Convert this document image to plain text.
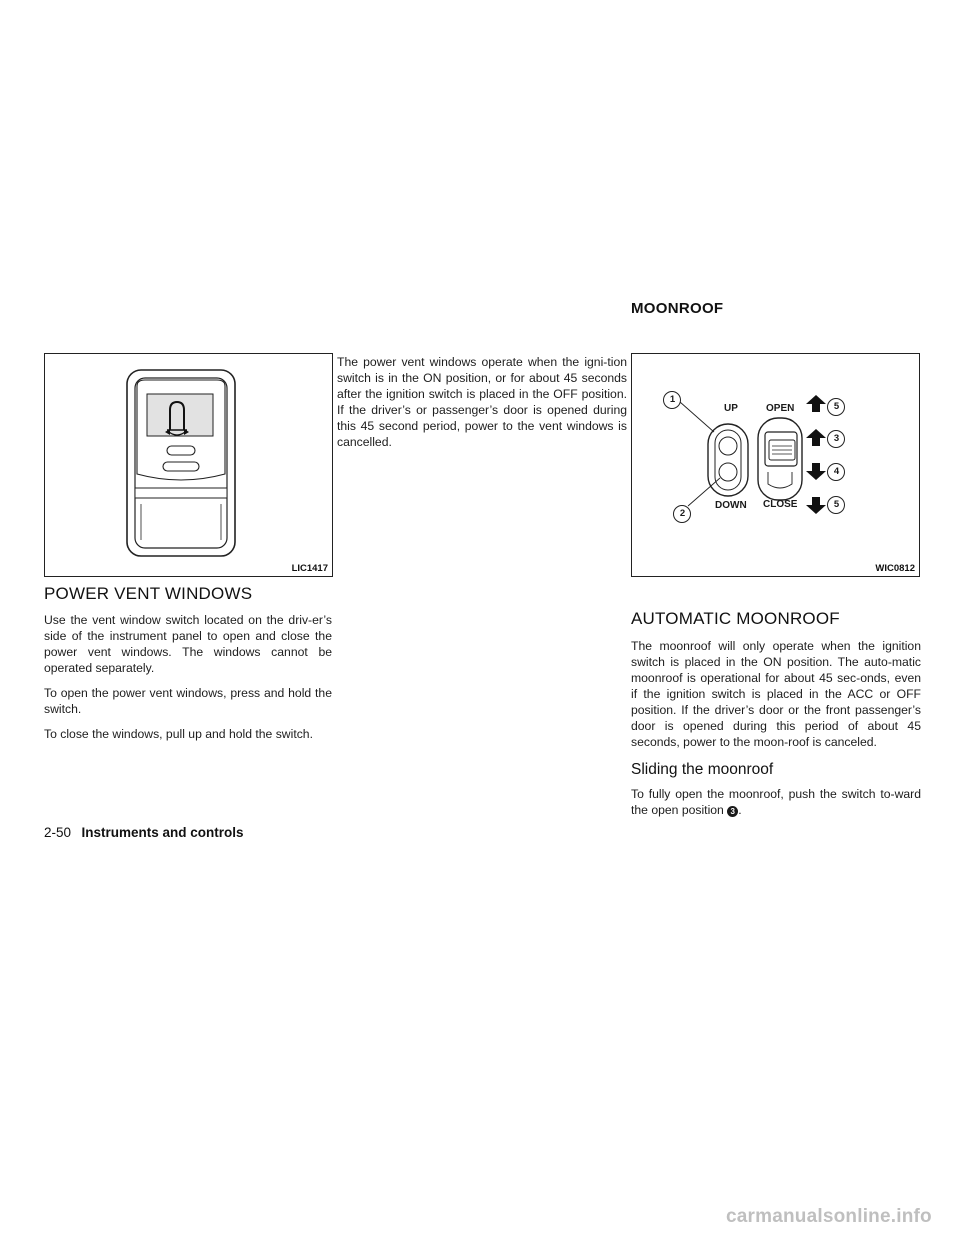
MOONROOF
LIC1417
POWER VENT WINDOWS

Use the vent window switch located on the driv-er’s side of the instrument panel to open and close the power vent windows. The windows cannot be operated separately.

To open the power vent windows, press and hold the switch.

To close the windows, pull up and hold the switch.

The power vent windows operate when the igni-tion switch is in the ON position, or for about 45 seconds after the ignition switch is placed in the OFF position. If the driver’s or passenger’s door is opened during this 45 second period, power to the vent windows is cancelled.

UP
DOWN
OPEN
CLOSE
1
2
5
3
4
5
WIC0812
AUTOMATIC MOONROOF

The moonroof will only operate when the ignition switch is placed in the ON position. The auto-matic moonroof is operational for about 45 sec-onds, even if the ignition switch is placed in the ACC or OFF position. If the driver’s door or the front passenger’s door is opened during this period of about 45 seconds, power to the moon-roof is canceled.

Sliding the moonroof

To fully open the moonroof, push the switch to-ward the open position 3 .

2-50 Instruments and controls
carmanualsonline.info
